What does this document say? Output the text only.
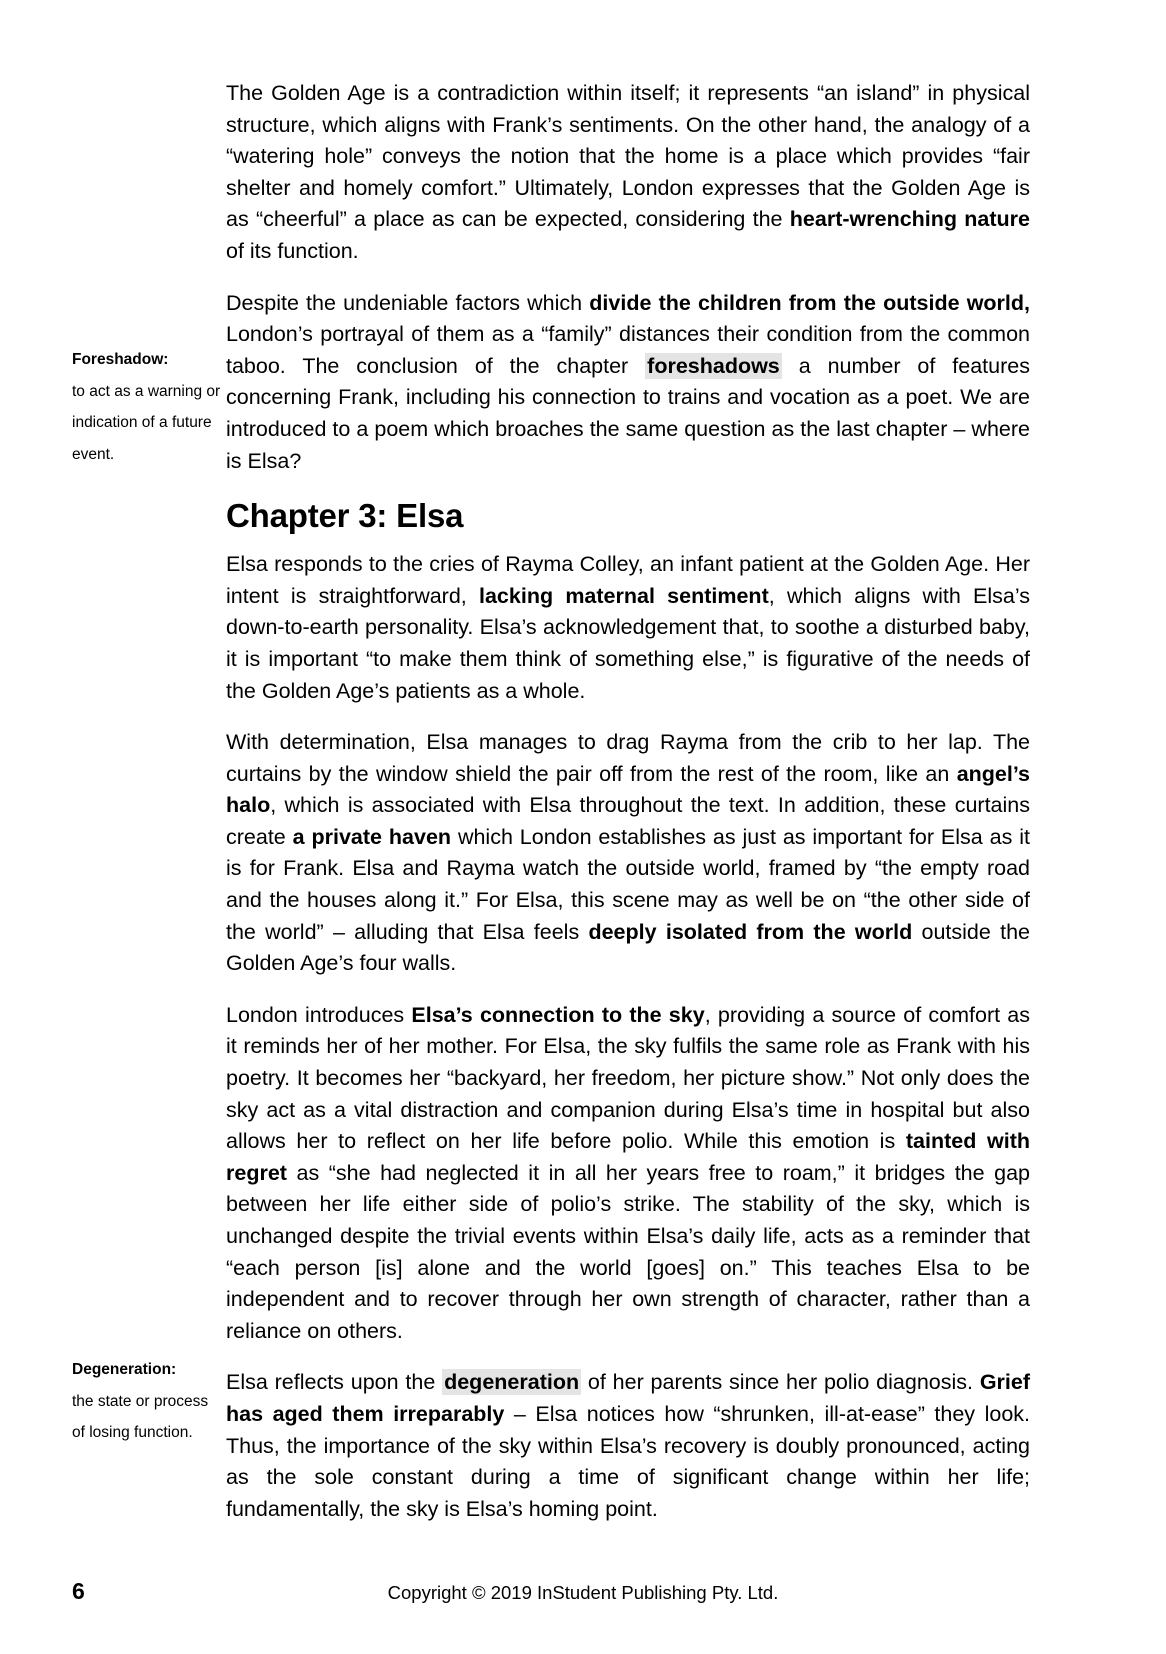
Foreshadow:
to act as a warning or indication of a future event.
Degeneration:
the state or process of losing function.

The Golden Age is a contradiction within itself; it represents “an island” in physical structure, which aligns with Frank’s sentiments. On the other hand, the analogy of a “watering hole” conveys the notion that the home is a place which provides “fair shelter and homely comfort.” Ultimately, London expresses that the Golden Age is as “cheerful” a place as can be expected, considering the heart-wrenching nature of its function.

Despite the undeniable factors which divide the children from the outside world, London’s portrayal of them as a “family” distances their condition from the common taboo. The conclusion of the chapter foreshadows a number of features concerning Frank, including his connection to trains and vocation as a poet. We are introduced to a poem which broaches the same question as the last chapter – where is Elsa?

Chapter 3: Elsa

Elsa responds to the cries of Rayma Colley, an infant patient at the Golden Age. Her intent is straightforward, lacking maternal sentiment, which aligns with Elsa’s down-to-earth personality. Elsa’s acknowledgement that, to soothe a disturbed baby, it is important “to make them think of something else,” is figurative of the needs of the Golden Age’s patients as a whole.

With determination, Elsa manages to drag Rayma from the crib to her lap. The curtains by the window shield the pair off from the rest of the room, like an angel’s halo, which is associated with Elsa throughout the text. In addition, these curtains create a private haven which London establishes as just as important for Elsa as it is for Frank. Elsa and Rayma watch the outside world, framed by “the empty road and the houses along it.” For Elsa, this scene may as well be on “the other side of the world” – alluding that Elsa feels deeply isolated from the world outside the Golden Age’s four walls.

London introduces Elsa’s connection to the sky, providing a source of comfort as it reminds her of her mother. For Elsa, the sky fulfils the same role as Frank with his poetry. It becomes her “backyard, her freedom, her picture show.” Not only does the sky act as a vital distraction and companion during Elsa’s time in hospital but also allows her to reflect on her life before polio. While this emotion is tainted with regret as “she had neglected it in all her years free to roam,” it bridges the gap between her life either side of polio’s strike. The stability of the sky, which is unchanged despite the trivial events within Elsa’s daily life, acts as a reminder that “each person [is] alone and the world [goes] on.” This teaches Elsa to be independent and to recover through her own strength of character, rather than a reliance on others.

Elsa reflects upon the degeneration of her parents since her polio diagnosis. Grief has aged them irreparably – Elsa notices how “shrunken, ill-at-ease” they look. Thus, the importance of the sky within Elsa’s recovery is doubly pronounced, acting as the sole constant during a time of significant change within her life; fundamentally, the sky is Elsa’s homing point.

6	Copyright © 2019 InStudent Publishing Pty. Ltd.
